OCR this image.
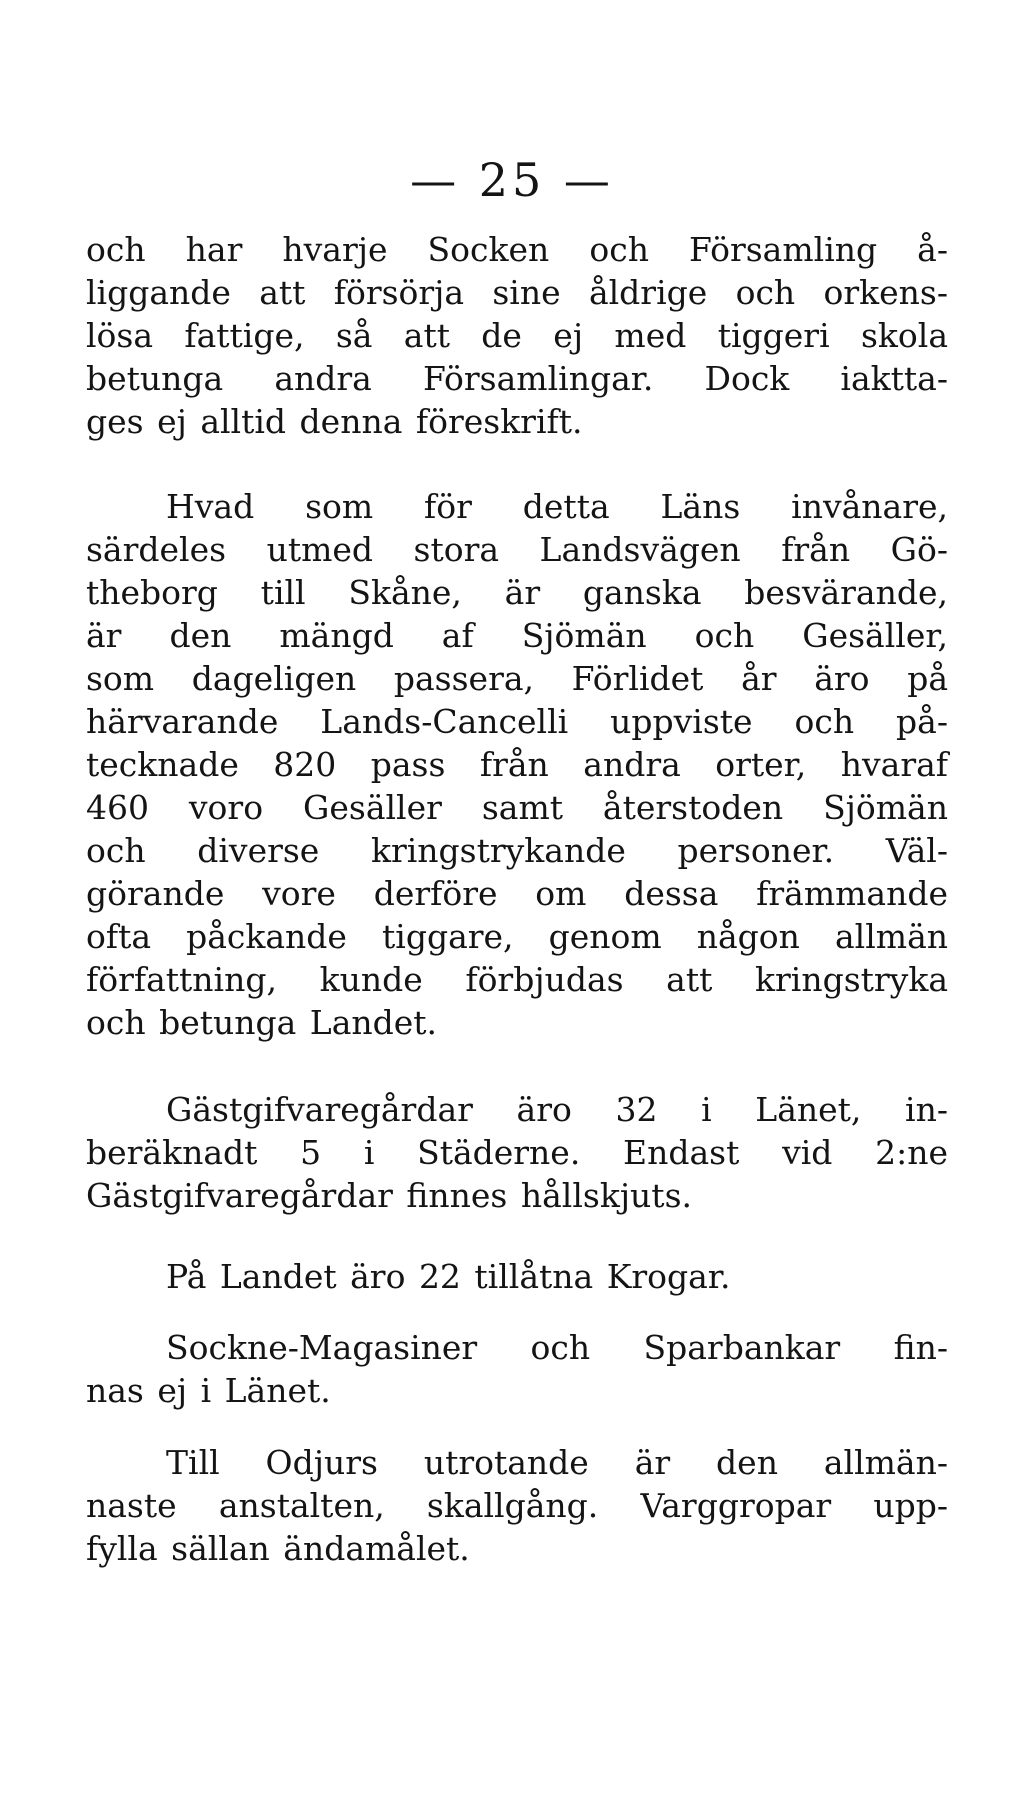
— 25 —
och har hvarje Socken och Församling å-
liggande att försörja sine åldrige och orkens-
lösa fattige, så att de ej med tiggeri skola
betunga andra Församlingar. Dock iaktta-
ges ej alltid denna föreskrift.
Hvad som för detta Läns invånare,
särdeles utmed stora Landsvägen från Gö-
theborg till Skåne, är ganska besvärande,
är den mängd af Sjömän och Gesäller,
som dageligen passera, Förlidet år äro på
härvarande Lands-Cancelli uppviste och på-
tecknade 820 pass från andra orter, hvaraf
460 voro Gesäller samt återstoden Sjömän
och diverse kringstrykande personer. Väl-
görande vore derföre om dessa främmande
ofta påckande tiggare, genom någon allmän
författning, kunde förbjudas att kringstryka
och betunga Landet.
Gästgifvaregårdar äro 32 i Länet, in-
beräknadt 5 i Städerne. Endast vid 2:ne
Gästgifvaregårdar finnes hållskjuts.
På Landet äro 22 tillåtna Krogar.
Sockne-Magasiner och Sparbankar fin-
nas ej i Länet.
Till Odjurs utrotande är den allmän-
naste anstalten, skallgång. Varggropar upp-
fylla sällan ändamålet.
